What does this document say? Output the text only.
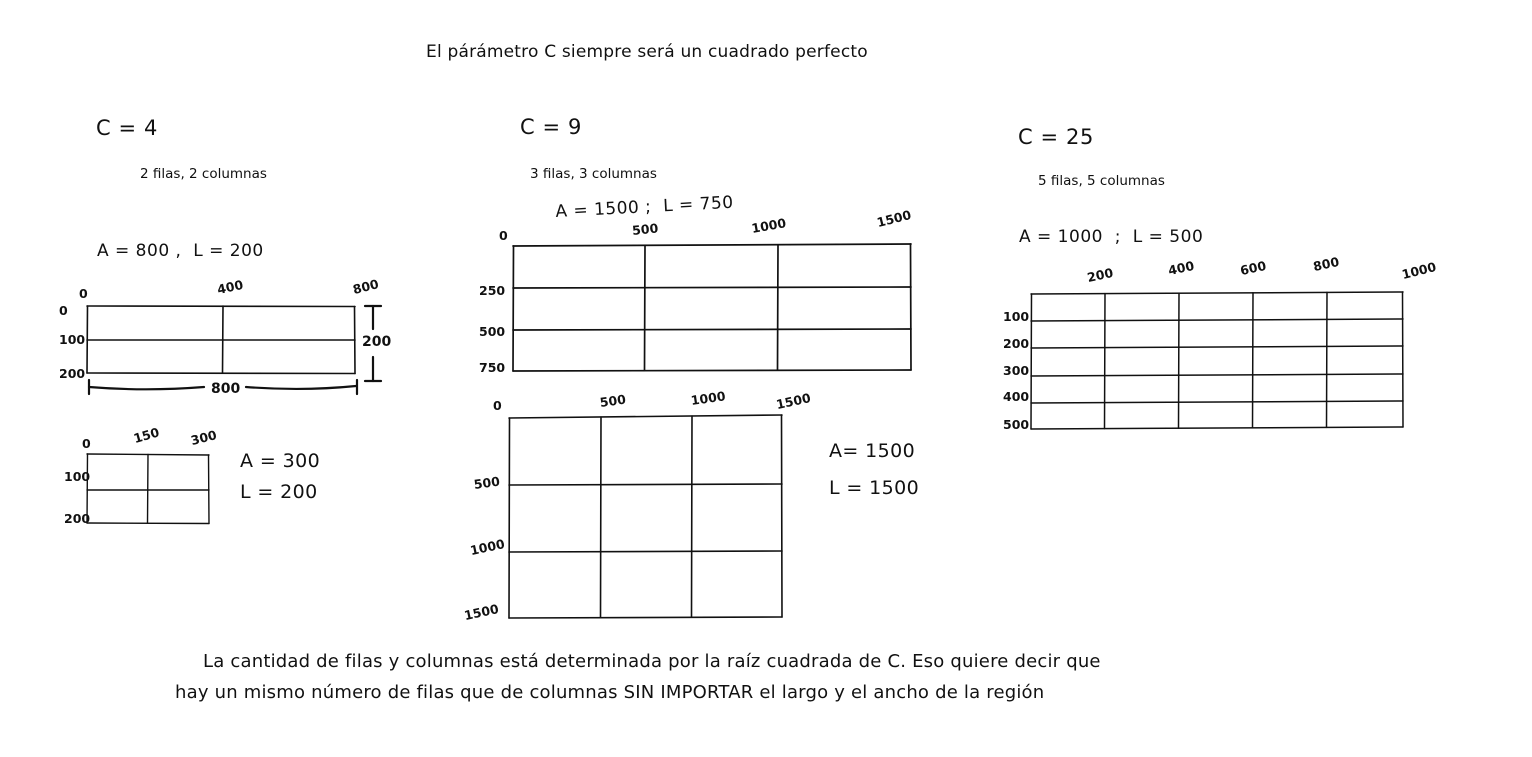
El párámetro C siempre será un cuadrado perfecto
C = 4
2 filas, 2 columnas
A = 800 ,  L = 200
0	400	800
0
100
200
800
200
0	150 300
100
200
A = 300
L = 200
C = 9
3 filas, 3 columnas
A = 1500 ;  L = 750
0	500	1000	1500
250
500
750
0	500	1000	1500
500
1000
1500
A= 1500
L = 1500
C = 25
5 filas, 5 columnas
A = 1000  ;  L = 500
200	400	600	800	1000
100
200
300
400
500
La cantidad de filas y columnas está determinada por la raíz cuadrada de C. Eso quiere decir que
hay un mismo número de filas que de columnas SIN IMPORTAR el largo y el ancho de la región
